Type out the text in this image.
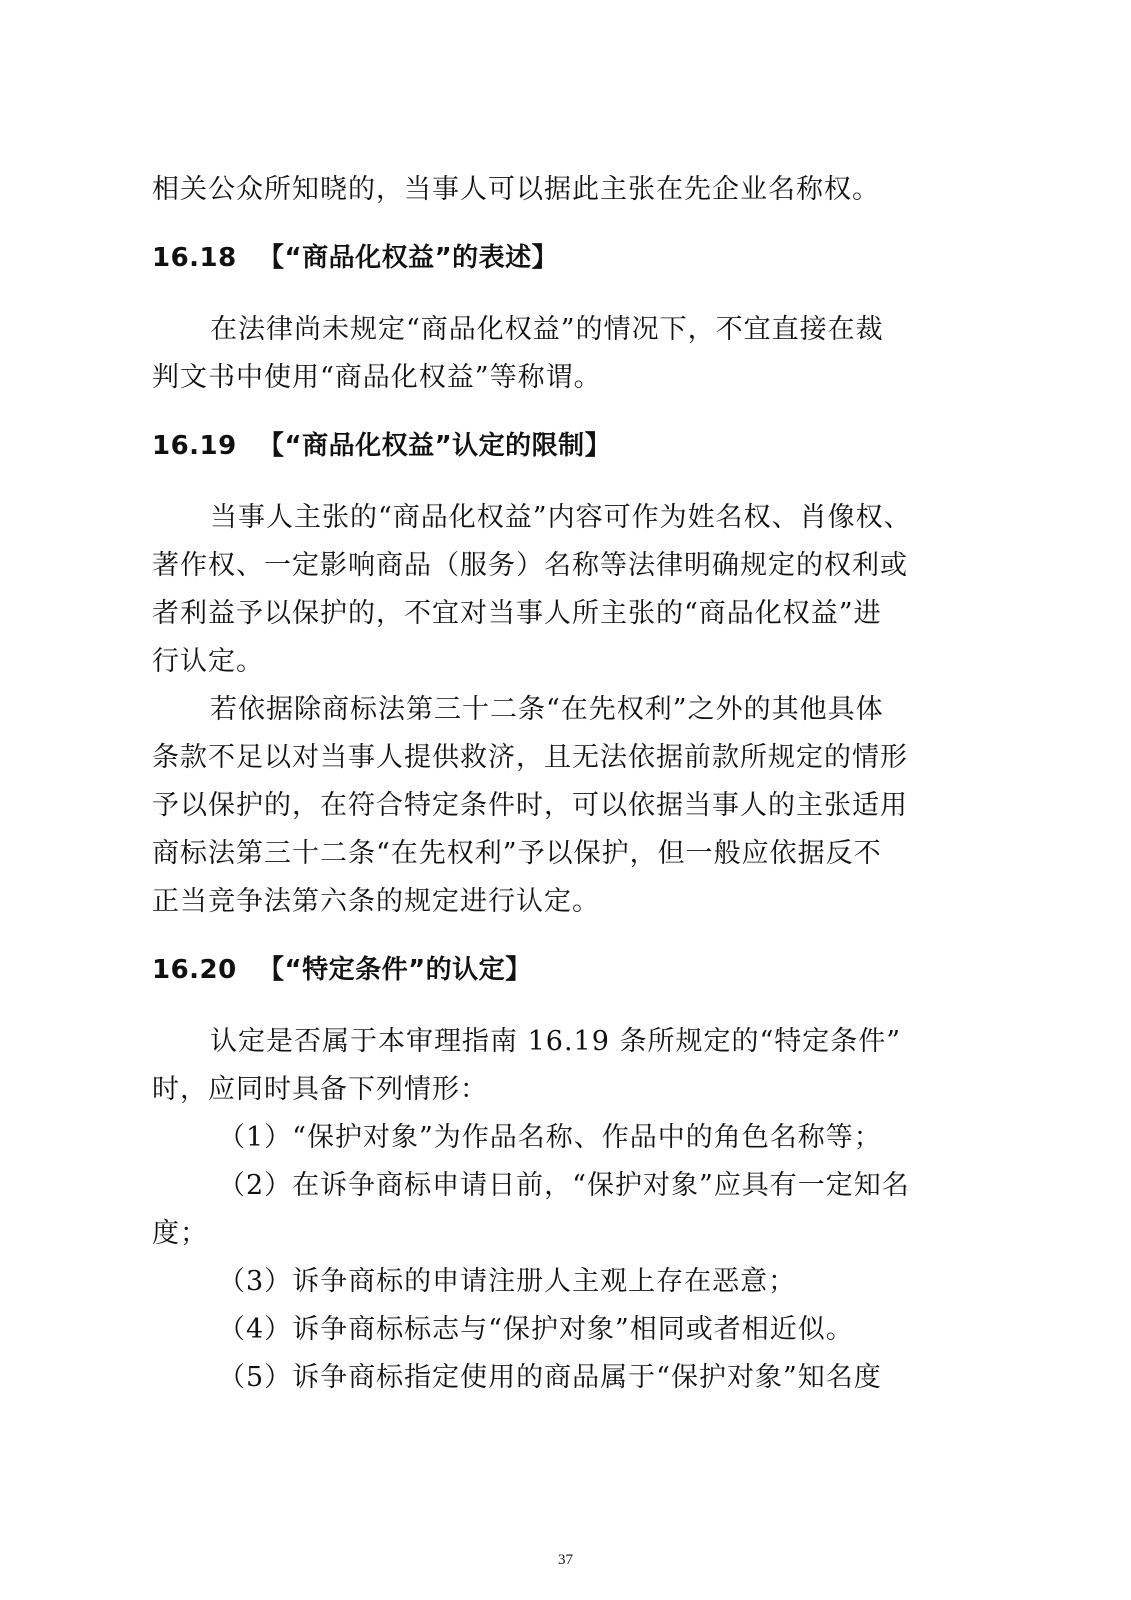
相关公众所知晓的，当事人可以据此主张在先企业名称权。
16.18 【“商品化权益”的表述】
在法律尚未规定“商品化权益”的情况下，不宜直接在裁
判文书中使用“商品化权益”等称谓。
16.19 【“商品化权益”认定的限制】
当事人主张的“商品化权益”内容可作为姓名权、肖像权、
著作权、一定影响商品（服务）名称等法律明确规定的权利或
者利益予以保护的，不宜对当事人所主张的“商品化权益”进
行认定。
若依据除商标法第三十二条“在先权利”之外的其他具体
条款不足以对当事人提供救济，且无法依据前款所规定的情形
予以保护的，在符合特定条件时，可以依据当事人的主张适用
商标法第三十二条“在先权利”予以保护，但一般应依据反不
正当竞争法第六条的规定进行认定。
16.20 【“特定条件”的认定】
认定是否属于本审理指南 16.19 条所规定的“特定条件”
时，应同时具备下列情形：
（1）“保护对象”为作品名称、作品中的角色名称等；
（2）在诉争商标申请日前，“保护对象”应具有一定知名
度；
（3）诉争商标的申请注册人主观上存在恶意；
（4）诉争商标标志与“保护对象”相同或者相近似。
（5）诉争商标指定使用的商品属于“保护对象”知名度
37
